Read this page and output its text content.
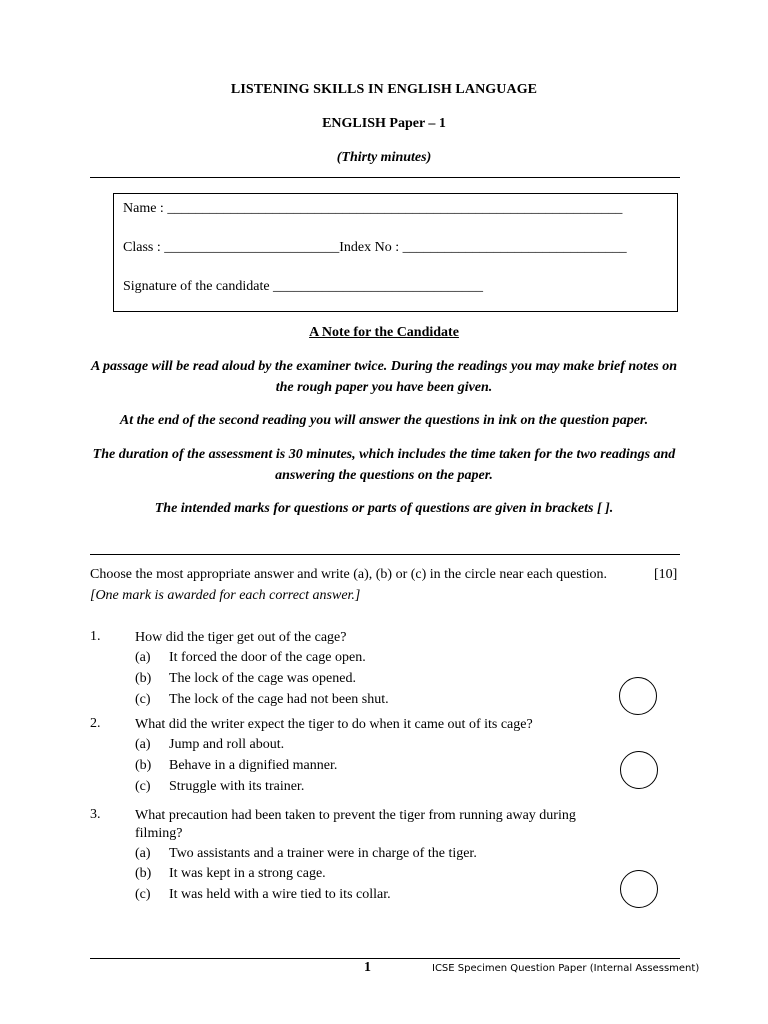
LISTENING SKILLS IN ENGLISH LANGUAGE
ENGLISH Paper – 1
(Thirty minutes)
Name : _________________________________________________________________
Class : _________________________Index No : ________________________________
Signature of the candidate ______________________________
A Note for the Candidate
A passage will be read aloud by the examiner twice. During the readings you may make brief notes on the rough paper you have been given.
At the end of the second reading you will answer the questions in ink on the question paper.
The duration of the assessment is 30 minutes, which includes the time taken for the two readings and answering the questions on the paper.
The intended marks for questions or parts of questions are given in brackets [ ].
Choose the most appropriate answer and write (a), (b) or (c) in the circle near each question.	[10]
[One mark is awarded for each correct answer.]
1. How did the tiger get out of the cage?
(a) It forced the door of the cage open.
(b) The lock of the cage was opened.
(c) The lock of the cage had not been shut.
2. What did the writer expect the tiger to do when it came out of its cage?
(a) Jump and roll about.
(b) Behave in a dignified manner.
(c) Struggle with its trainer.
3. What precaution had been taken to prevent the tiger from running away during filming?
(a) Two assistants and a trainer were in charge of the tiger.
(b) It was kept in a strong cage.
(c) It was held with a wire tied to its collar.
1	ICSE Specimen Question Paper (Internal Assessment)
